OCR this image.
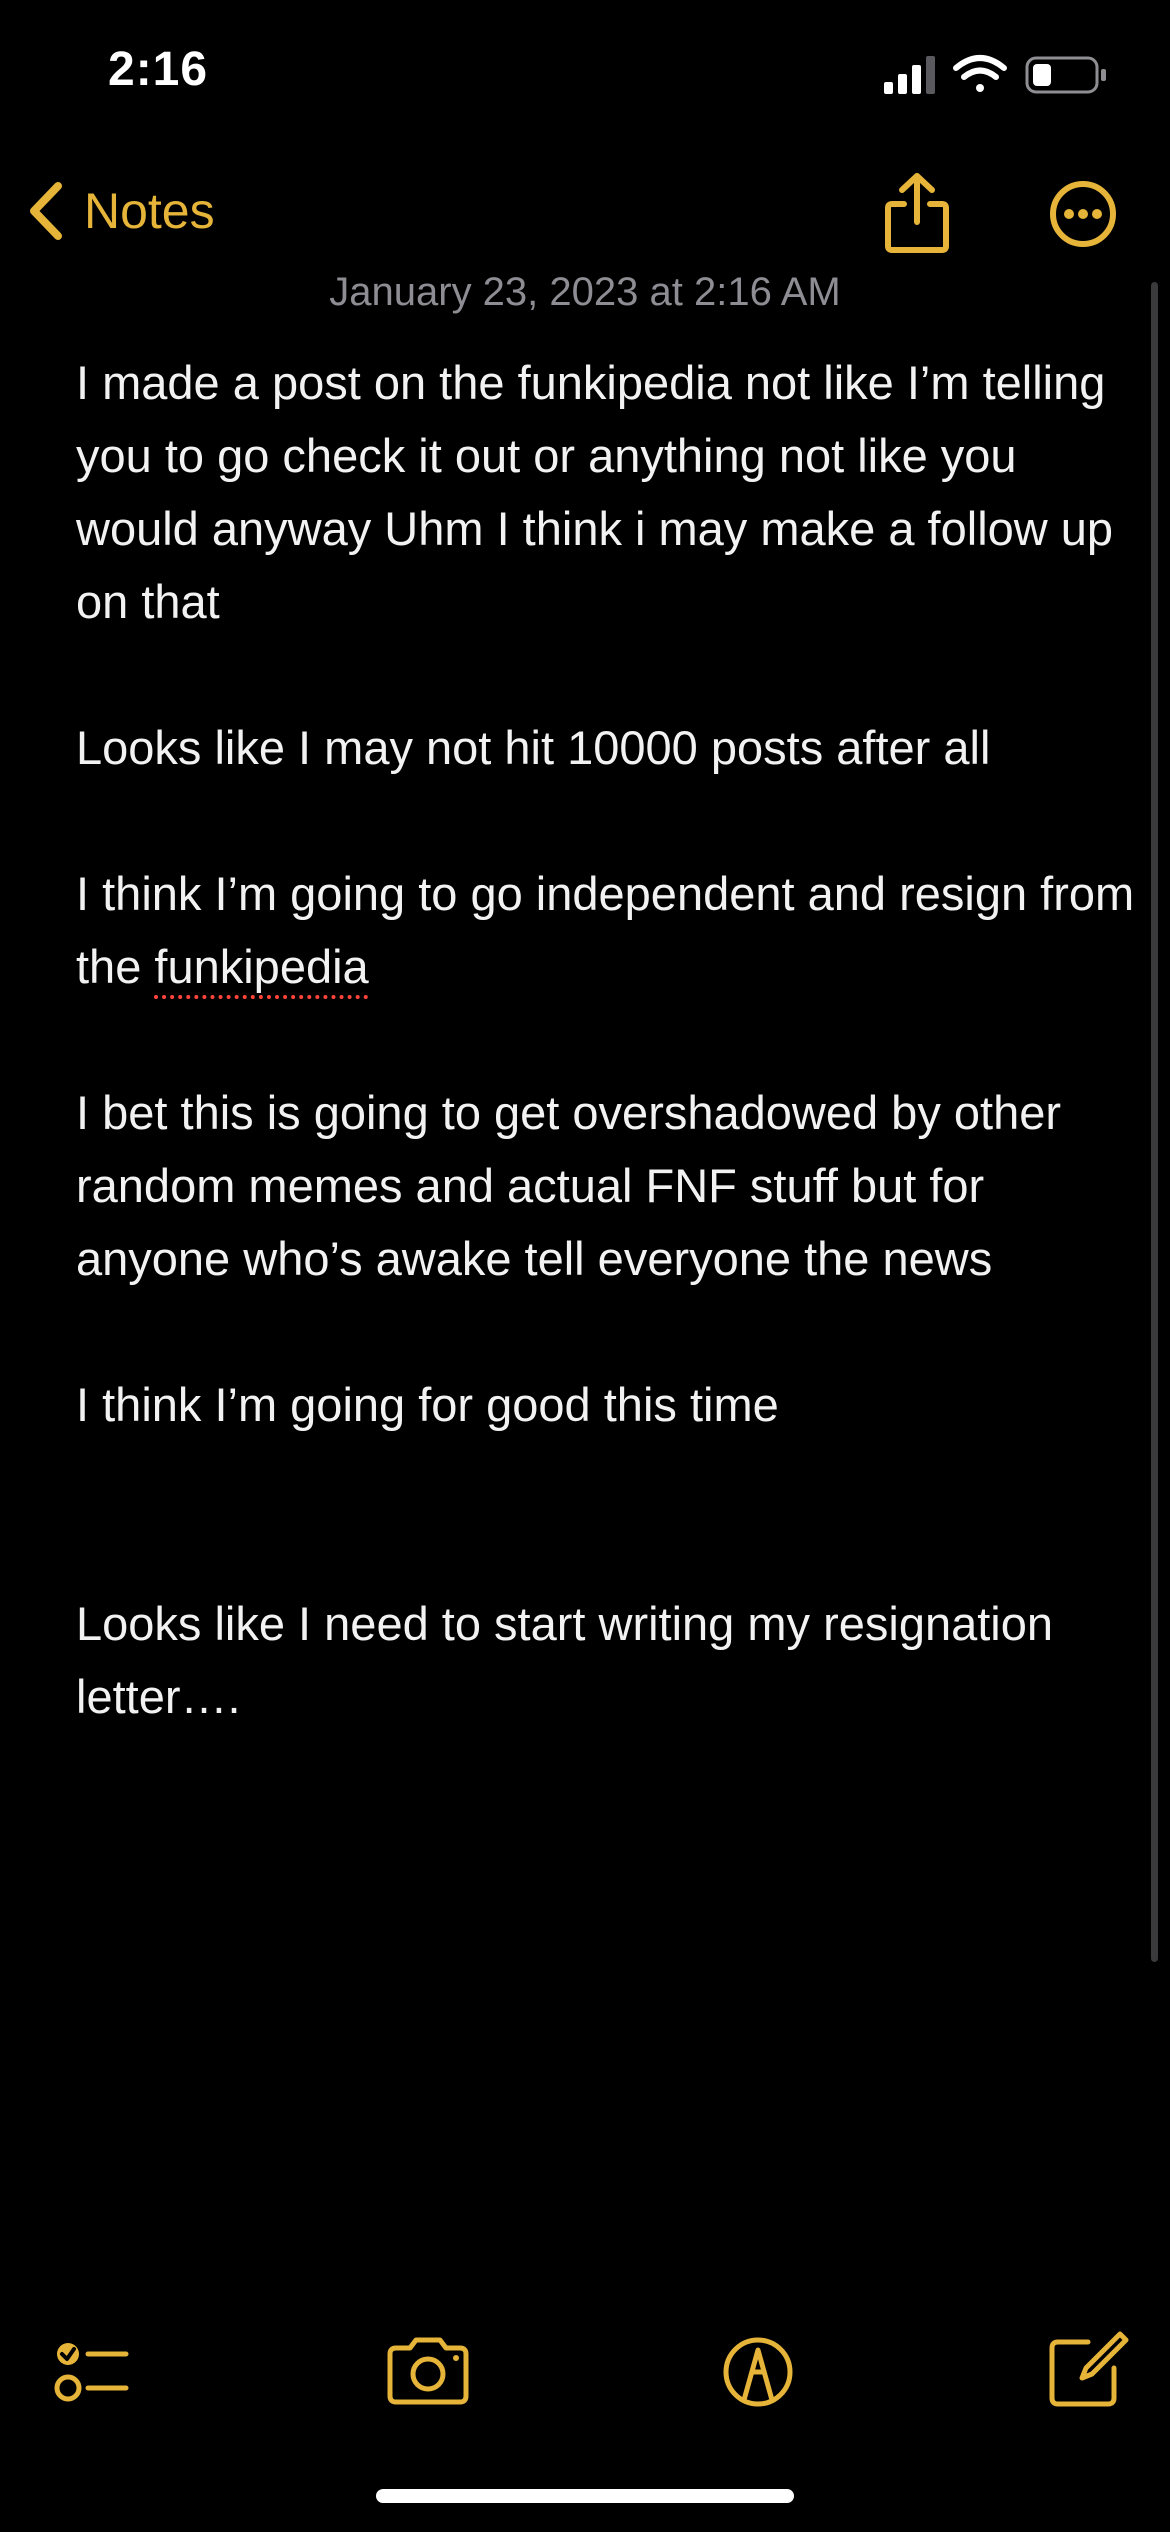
2:16
Notes
January 23, 2023 at 2:16 AM

I made a post on the funkipedia not like I’m telling you to go check it out or anything not like you would anyway Uhm I think i may make a follow up on that

Looks like I may not hit 10000 posts after all

I think I’m going to go independent and resign from the funkipedia

I bet this is going to get overshadowed by other random memes and actual FNF stuff but for anyone who’s awake tell everyone the news

I think I’m going for good this time

Looks like I need to start writing my resignation letter….
